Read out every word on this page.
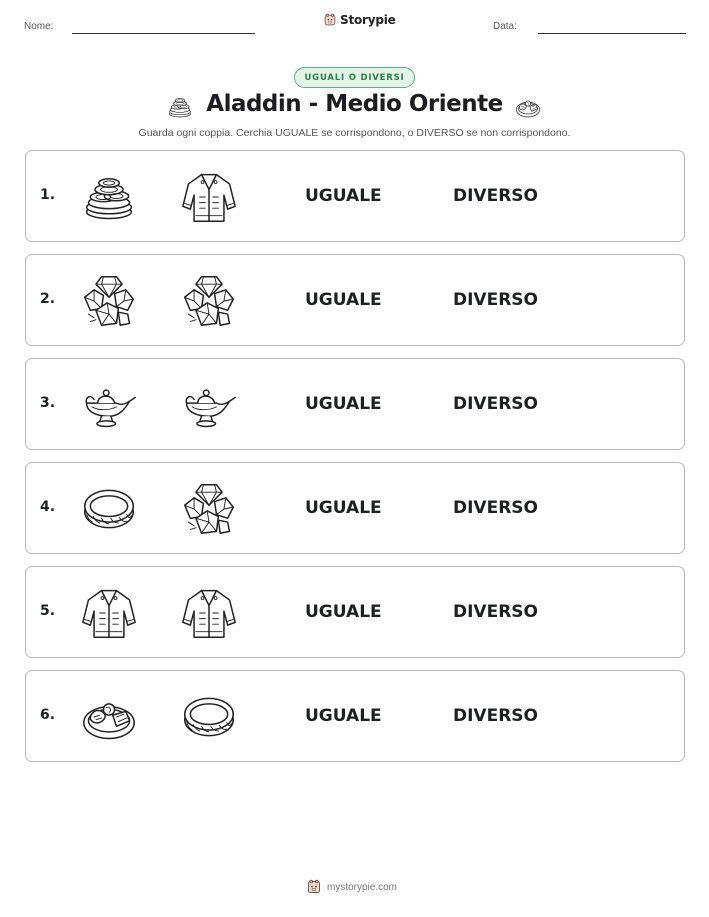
Nome:	Storypie	Data:
UGUALI O DIVERSI
Aladdin - Medio Oriente
Guarda ogni coppia. Cerchia UGUALE se corrispondono, o DIVERSO se non corrispondono.
1.	UGUALE	DIVERSO
2.	UGUALE	DIVERSO
3.	UGUALE	DIVERSO
4.	UGUALE	DIVERSO
5.	UGUALE	DIVERSO
6.	UGUALE	DIVERSO
mystorypie.com
